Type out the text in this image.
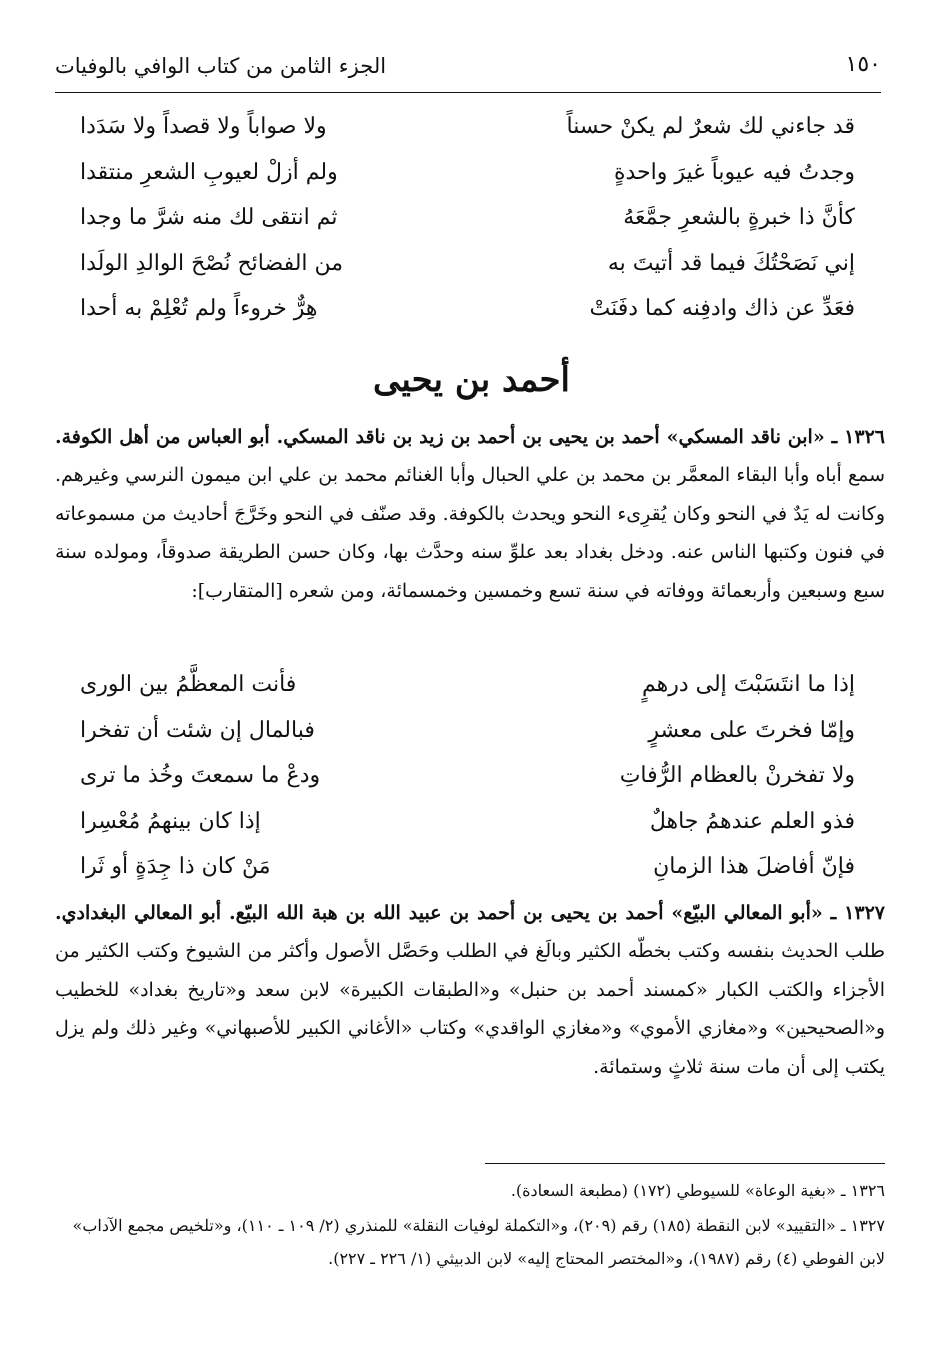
الجزء الثامن من كتاب الوافي بالوفيات	١٥٠
قد جاءني لك شعرٌ لم يكنْ حسناً
ولا صواباً ولا قصداً ولا سَدَدا
وجدتُ فيه عيوباً غيرَ واحدةٍ
ولم أزلْ لعيوبِ الشعرِ منتقدا
كأنَّ ذا خبرةٍ بالشعرِ جمَّعَهُ
ثم انتقى لك منه شرَّ ما وجدا
إني نَصَحْتُكَ فيما قد أتيتَ به
من الفضائح نُصْحَ الوالدِ الولَدا
فعَدِّ عن ذاك وادفِنه كما دفَنَتْ
هِرٌّ خروءاً ولم تُعْلِمْ به أحدا
أحمد بن يحيى

١٣٢٦ ـ «ابن ناقد المسكي» أحمد بن يحيى بن أحمد بن زيد بن ناقد المسكي. أبو العباس من أهل الكوفة. سمع أباه وأبا البقاء المعمَّر بن محمد بن علي الحبال وأبا الغنائم محمد بن علي ابن ميمون النرسي وغيرهم. وكانت له يَدٌ في النحو وكان يُقرِىء النحو ويحدث بالكوفة. وقد صنّف في النحو وخَرَّجَ أحاديث من مسموعاته في فنون وكتبها الناس عنه. ودخل بغداد بعد علوِّ سنه وحدَّث بها، وكان حسن الطريقة صدوقاً، ومولده سنة سبع وسبعين وأربعمائة ووفاته في سنة تسع وخمسين وخمسمائة، ومن شعره [المتقارب]:

إذا ما انتَسَبْتَ إلى درهمٍ
فأنت المعظَّمُ بين الورى
وإمّا فخرتَ على معشرٍ
فبالمال إن شئت أن تفخرا
ولا تفخرنْ بالعظام الرُّفاتِ
ودعْ ما سمعتَ وخُذ ما ترى
فذو العلم عندهمُ جاهلٌ
إذا كان بينهمُ مُعْسِرا
فإنّ أفاضلَ هذا الزمانِ
مَنْ كان ذا جِدَةٍ أو ثَرا

١٣٢٧ ـ «أبو المعالي البيّع» أحمد بن يحيى بن أحمد بن عبيد الله بن هبة الله البيّع. أبو المعالي البغدادي. طلب الحديث بنفسه وكتب بخطّه الكثير وبالَغ في الطلب وحَصَّل الأصول وأكثر من الشيوخ وكتب الكثير من الأجزاء والكتب الكبار «كمسند أحمد بن حنبل» و«الطبقات الكبيرة» لابن سعد و«تاريخ بغداد» للخطيب و«الصحيحين» و«مغازي الأموي» و«مغازي الواقدي» وكتاب «الأغاني الكبير للأصبهاني» وغير ذلك ولم يزل يكتب إلى أن مات سنة ثلاثٍ وستمائة.

١٣٢٦ ـ «بغية الوعاة» للسيوطي (١٧٢) (مطبعة السعادة).

١٣٢٧ ـ «التقييد» لابن النقطة (١٨٥) رقم (٢٠٩)، و«التكملة لوفيات النقلة» للمنذري (٢/ ١٠٩ ـ ١١٠)، و«تلخيص مجمع الآداب» لابن الفوطي (٤) رقم (١٩٨٧)، و«المختصر المحتاج إليه» لابن الدبيثي (١/ ٢٢٦ ـ ٢٢٧).
